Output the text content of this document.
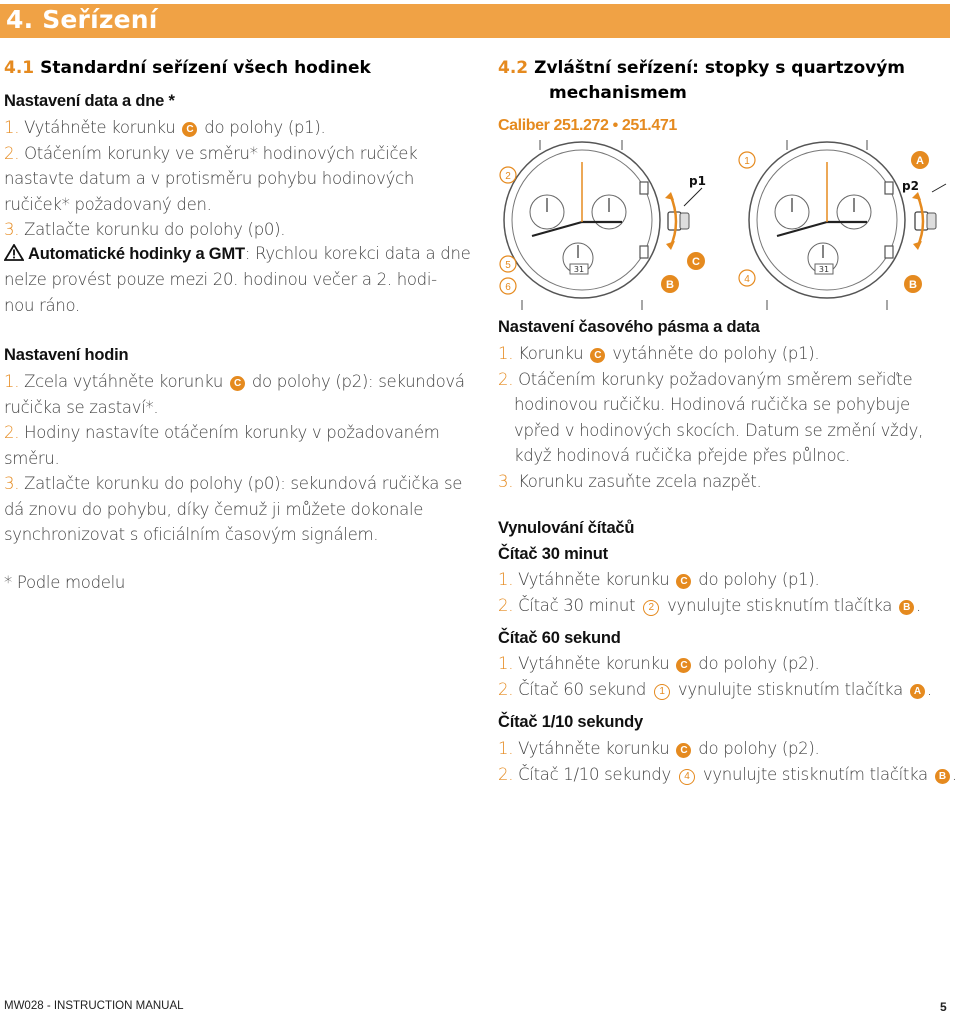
4. Seřízení
4.1 Standardní seřízení všech hodinek
Nastavení data a dne *
1. Vytáhněte korunku C do polohy (p1).
2. Otáčením korunky ve směru* hodinových ručiček
nastavte datum a v protisměru pohybu hodinových
ručiček* požadovaný den.
3. Zatlačte korunku do polohy (p0).
Automatické hodinky a GMT: Rychlou korekci data a dne
nelze provést pouze mezi 20. hodinou večer a 2. hodi-
nou ráno.
Nastavení hodin
1. Zcela vytáhněte korunku C do polohy (p2): sekundová
ručička se zastaví*.
2. Hodiny nastavíte otáčením korunky v požadovaném
směru.
3. Zatlačte korunku do polohy (p0): sekundová ručička se
dá znovu do pohybu, díky čemuž ji můžete dokonale
synchronizovat s oficiálním časovým signálem.
* Podle modelu
4.2 Zvláštní seřízení: stopky s quartzovým
mechanismem
Caliber 251.272 • 251.471
31
p1
2
5
6
C
B
31
p2
1
4
A
B
Nastavení časového pásma a data
1. Korunku C vytáhněte do polohy (p1).
2. Otáčením korunky požadovaným směrem seřiďte
hodinovou ručičku. Hodinová ručička se pohybuje
vpřed v hodinových skocích. Datum se změní vždy,
když hodinová ručička přejde přes půlnoc.
3. Korunku zasuňte zcela nazpět.
Vynulování čítačů
Čítač 30 minut
1. Vytáhněte korunku C do polohy (p1).
2. Čítač 30 minut 2 vynulujte stisknutím tlačítka B .
Čítač 60 sekund
1. Vytáhněte korunku C do polohy (p2).
2. Čítač 60 sekund 1 vynulujte stisknutím tlačítka A .
Čítač 1/10 sekundy
1. Vytáhněte korunku C do polohy (p2).
2. Čítač 1/10 sekundy 4 vynulujte stisknutím tlačítka B .
MW028 - INSTRUCTION MANUAL	5
